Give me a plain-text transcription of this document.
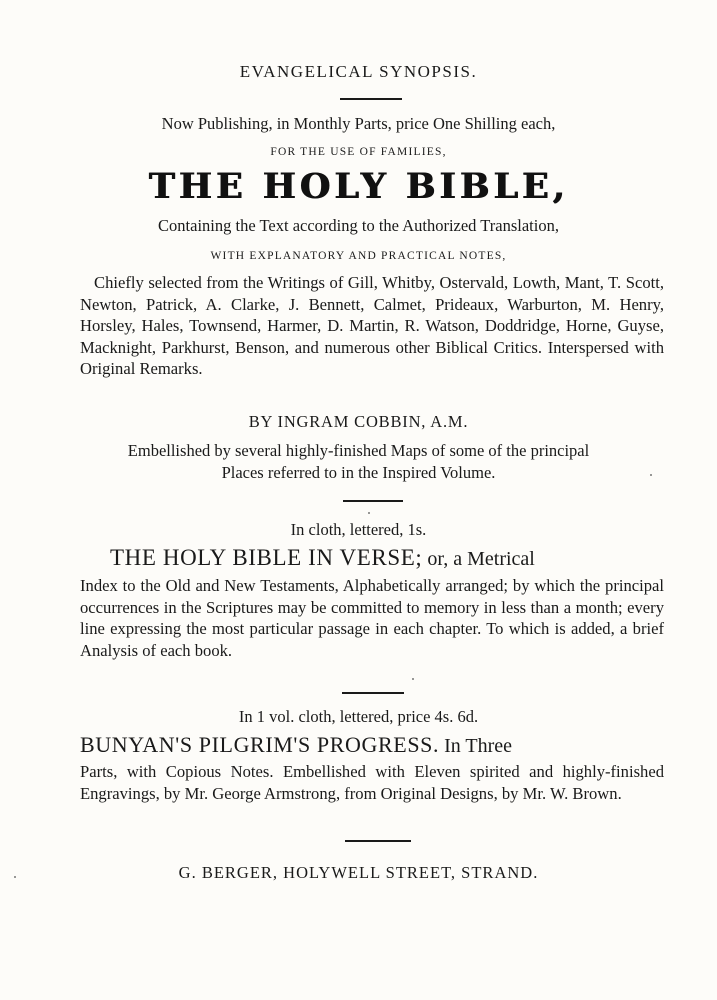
EVANGELICAL SYNOPSIS.
Now Publishing, in Monthly Parts, price One Shilling each,
FOR THE USE OF FAMILIES,
THE HOLY BIBLE,
Containing the Text according to the Authorized Translation,
WITH EXPLANATORY AND PRACTICAL NOTES,

Chiefly selected from the Writings of Gill, Whitby, Ostervald, Lowth, Mant, T. Scott, Newton, Patrick, A. Clarke, J. Bennett, Calmet, Prideaux, Warburton, M. Henry, Horsley, Hales, Townsend, Harmer, D. Martin, R. Watson, Doddridge, Horne, Guyse, Macknight, Parkhurst, Benson, and numerous other Biblical Critics. Interspersed with Original Remarks.

BY INGRAM COBBIN, A.M.
Embellished by several highly-finished Maps of some of the principal
Places referred to in the Inspired Volume.
In cloth, lettered, 1s.
THE HOLY BIBLE IN VERSE; or, a Metrical

Index to the Old and New Testaments, Alphabetically arranged; by which the principal occurrences in the Scriptures may be committed to memory in less than a month; every line expressing the most particular passage in each chapter. To which is added, a brief Analysis of each book.

In 1 vol. cloth, lettered, price 4s. 6d.
BUNYAN'S PILGRIM'S PROGRESS. In Three

Parts, with Copious Notes. Embellished with Eleven spirited and highly-finished Engravings, by Mr. George Armstrong, from Original Designs, by Mr. W. Brown.

G. BERGER, HOLYWELL STREET, STRAND.
